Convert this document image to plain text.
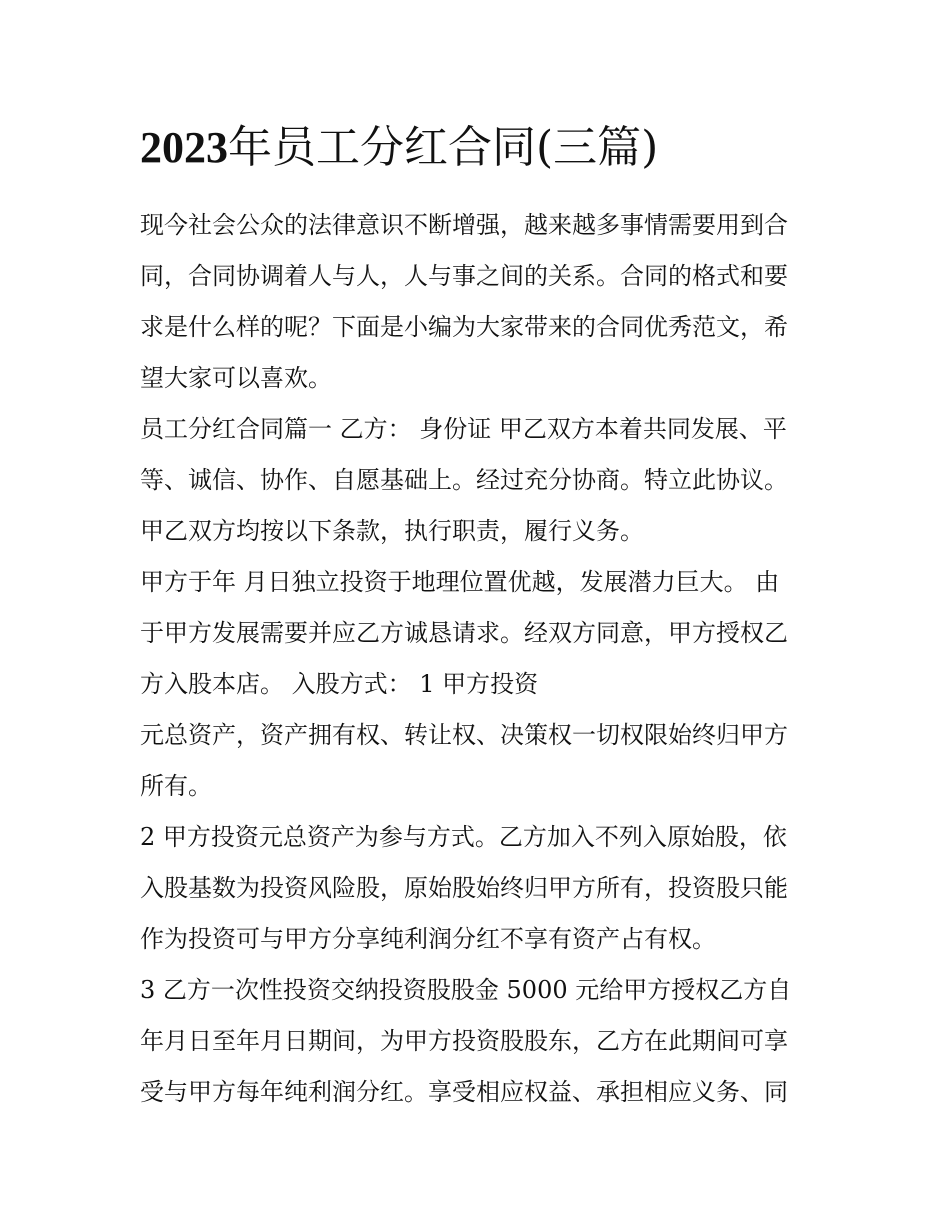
2023年员工分红合同(三篇)
现今社会公众的法律意识不断增强，越来越多事情需要用到合
同，合同协调着人与人，人与事之间的关系。合同的格式和要
求是什么样的呢？下面是小编为大家带来的合同优秀范文，希
望大家可以喜欢。
员工分红合同篇一 乙方： 身份证 甲乙双方本着共同发展、平
等、诚信、协作、自愿基础上。经过充分协商。特立此协议。
甲乙双方均按以下条款，执行职责，履行义务。
甲方于年 月日独立投资于地理位置优越，发展潜力巨大。 由
于甲方发展需要并应乙方诚恳请求。经双方同意，甲方授权乙
方入股本店。 入股方式： 1 甲方投资
元总资产，资产拥有权、转让权、决策权一切权限始终归甲方
所有。
2 甲方投资元总资产为参与方式。乙方加入不列入原始股，依
入股基数为投资风险股，原始股始终归甲方所有，投资股只能
作为投资可与甲方分享纯利润分红不享有资产占有权。
3 乙方一次性投资交纳投资股股金 5000 元给甲方授权乙方自
年月日至年月日期间，为甲方投资股股东，乙方在此期间可享
受与甲方每年纯利润分红。享受相应权益、承担相应义务、同
